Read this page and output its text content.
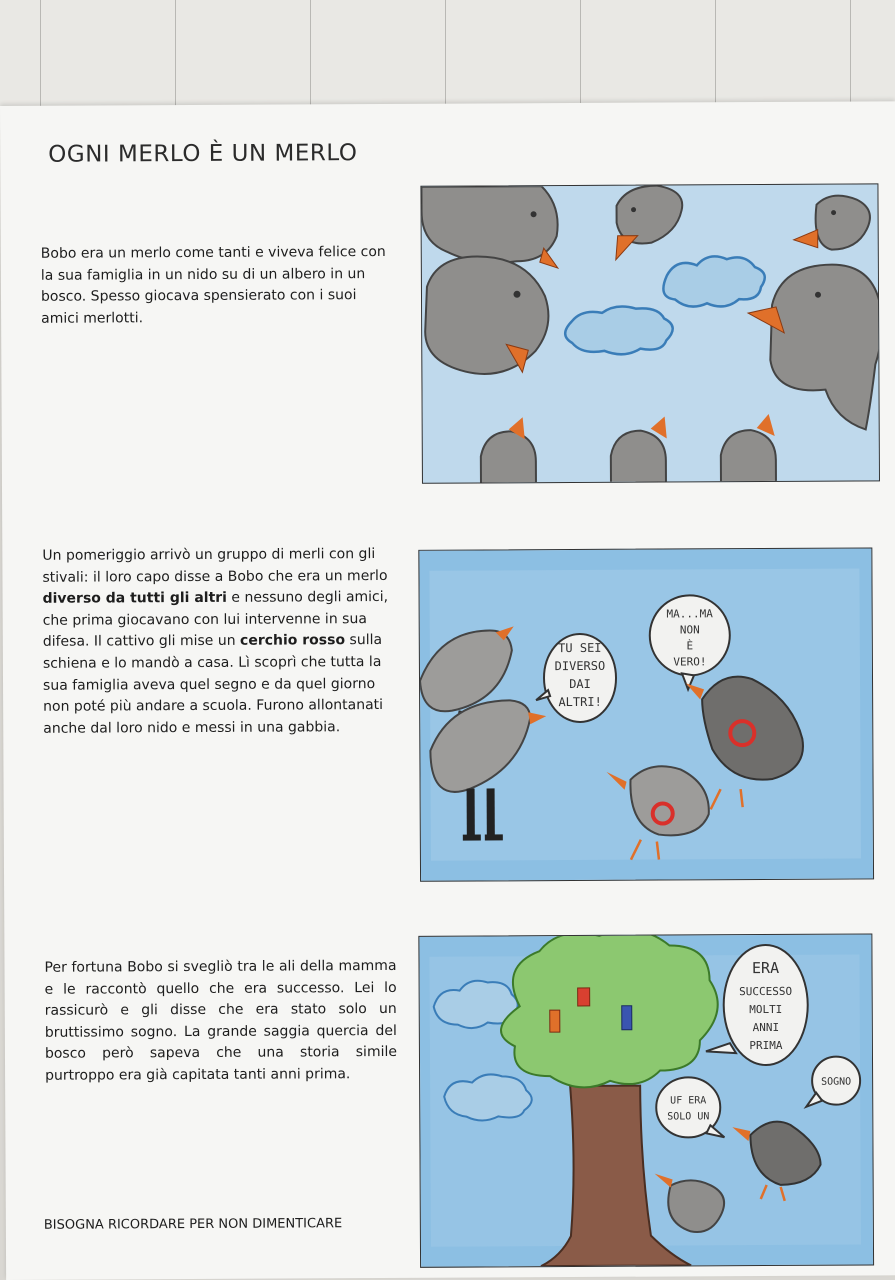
OGNI MERLO È UN MERLO
Bobo era un merlo come tanti e viveva felice con la sua famiglia in un nido su di un albero in un bosco. Spesso giocava spensierato con i suoi amici merlotti.
Un pomeriggio arrivò un gruppo di merli con gli stivali: il loro capo disse a Bobo che era un merlo diverso da tutti gli altri e nessuno degli amici, che prima giocavano con lui intervenne in sua difesa. Il cattivo gli mise un cerchio rosso sulla schiena e lo mandò a casa. Lì scoprì che tutta la sua famiglia aveva quel segno e da quel giorno non poté più andare a scuola. Furono allontanati anche dal loro nido e messi in una gabbia.
Per fortuna Bobo si svegliò tra le ali della mamma e le raccontò quello che era successo. Lei lo rassicurò e gli disse che era stato solo un bruttissimo sogno. La grande saggia quercia del bosco però sapeva che una storia simile purtroppo era già capitata tanti anni prima.
BISOGNA RICORDARE PER NON DIMENTICARE
TU SEI
DIVERSO
DAI
ALTRI!
MA...MA
NON
È
VERO!
ERA
SUCCESSO
MOLTI
ANNI
PRIMA
UF ERA
SOLO UN
SOGNO
